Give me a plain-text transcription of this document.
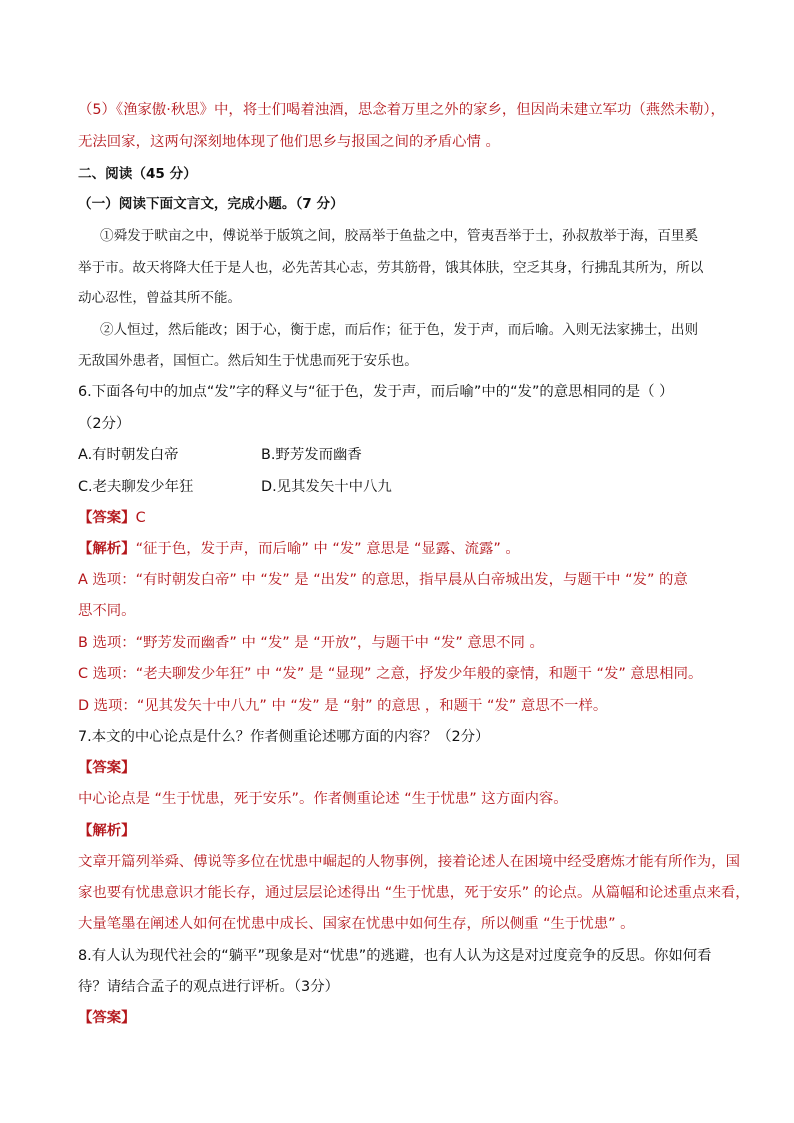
（5）《渔家傲·秋思》中，将士们喝着浊酒，思念着万里之外的家乡，但因尚未建立军功（燕然未勒），
无法回家，这两句深刻地体现了他们思乡与报国之间的矛盾心情 。
二、阅读（45 分）
（一）阅读下面文言文，完成小题。（7 分）
①舜发于畎亩之中，傅说举于版筑之间，胶鬲举于鱼盐之中，管夷吾举于士，孙叔敖举于海，百里奚
举于市。故天将降大任于是人也，必先苦其心志，劳其筋骨，饿其体肤，空乏其身，行拂乱其所为，所以
动心忍性，曾益其所不能。
②人恒过，然后能改；困于心，衡于虑，而后作；征于色，发于声，而后喻。入则无法家拂士，出则
无敌国外患者，国恒亡。然后知生于忧患而死于安乐也。
6.下面各句中的加点“发”字的释义与“征于色，发于声，而后喻”中的“发”的意思相同的是（ ）
（2分）
A.有时朝发白帝	B.野芳发而幽香
C.老夫聊发少年狂	D.见其发矢十中八九
【答案】C
【解析】“征于色，发于声，而后喻” 中 “发” 意思是 “显露、流露” 。
A 选项：“有时朝发白帝” 中 “发” 是 “出发” 的意思，指早晨从白帝城出发，与题干中 “发” 的意
思不同。
B 选项：“野芳发而幽香” 中 “发” 是 “开放”，与题干中 “发” 意思不同 。
C 选项：“老夫聊发少年狂” 中 “发” 是 “显现” 之意，抒发少年般的豪情，和题干 “发” 意思相同。
D 选项：“见其发矢十中八九” 中 “发” 是 “射” 的意思 ，和题干 “发” 意思不一样。
7.本文的中心论点是什么？作者侧重论述哪方面的内容？（2分）
【答案】
中心论点是 “生于忧患，死于安乐”。作者侧重论述 “生于忧患” 这方面内容。
【解析】
文章开篇列举舜、傅说等多位在忧患中崛起的人物事例，接着论述人在困境中经受磨炼才能有所作为，国
家也要有忧患意识才能长存，通过层层论述得出 “生于忧患，死于安乐” 的论点。从篇幅和论述重点来看，
大量笔墨在阐述人如何在忧患中成长、国家在忧患中如何生存，所以侧重 “生于忧患” 。
8.有人认为现代社会的“躺平”现象是对“忧患”的逃避，也有人认为这是对过度竞争的反思。你如何看
待？请结合孟子的观点进行评析。（3分）
【答案】
